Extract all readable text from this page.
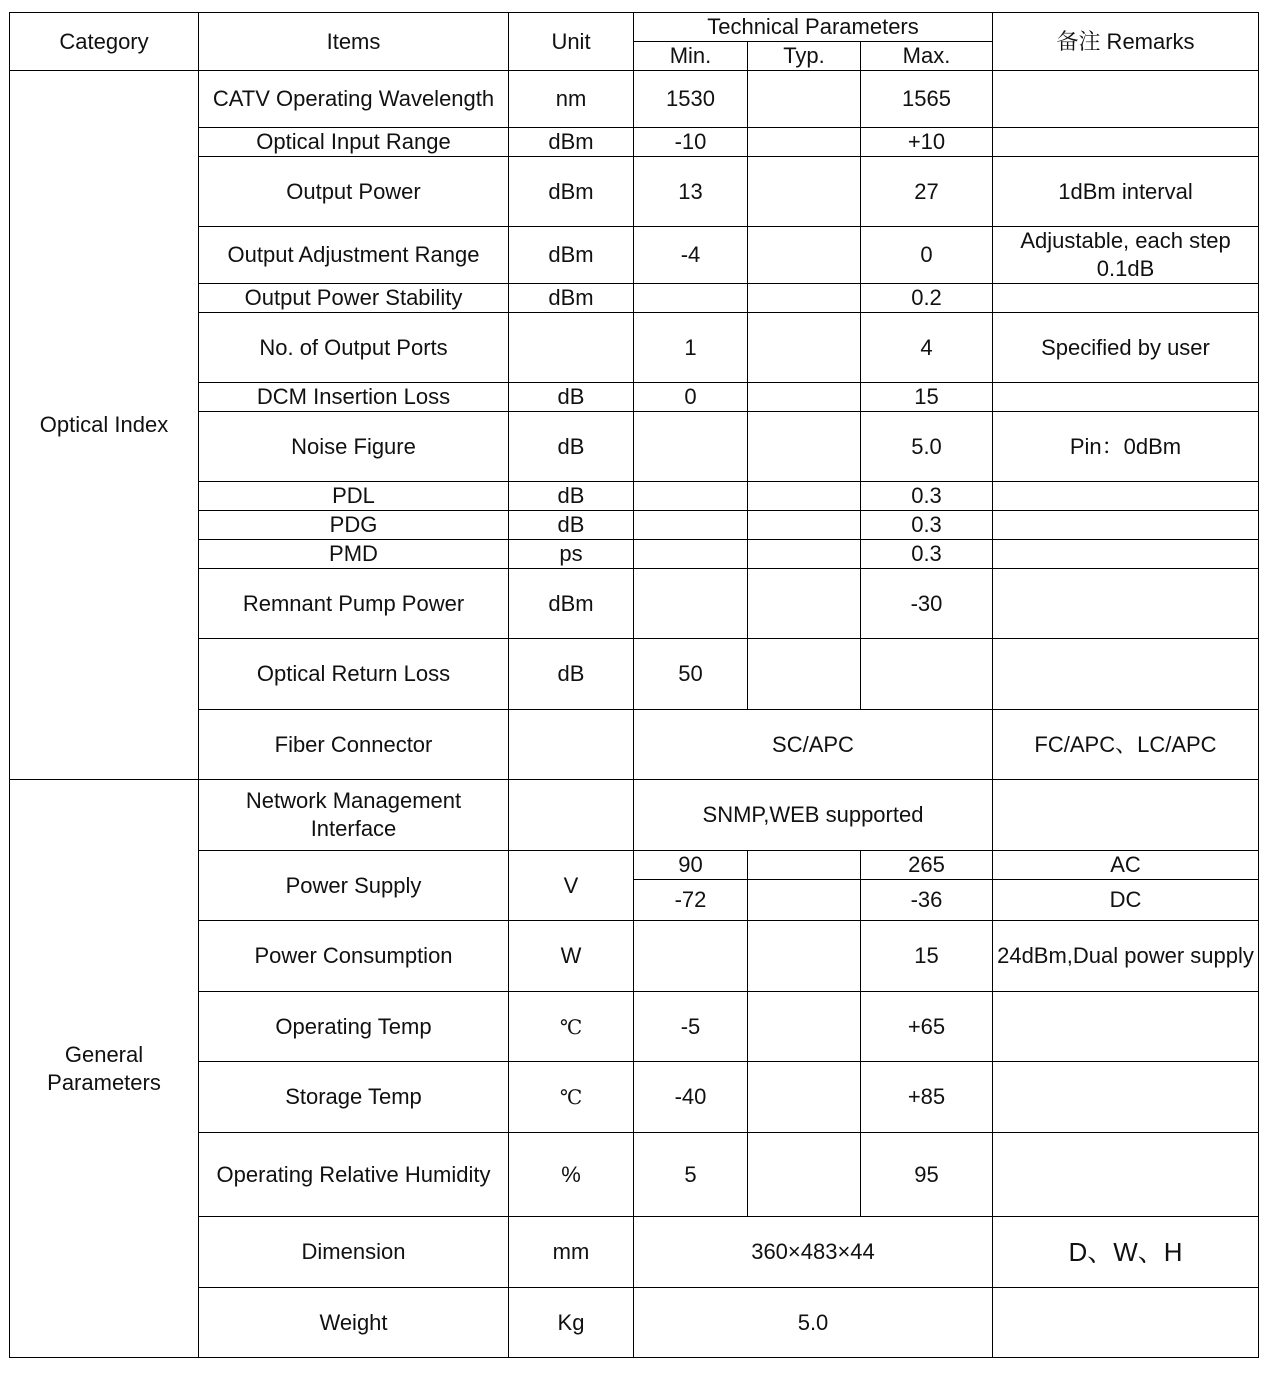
Category	Items	Unit	Technical Parameters			备注 Remarks
			Min.	Typ.	Max.	
Optical Index	CATV Operating Wavelength	nm	1530		1565	
	Optical Input Range	dBm	-10		+10	
	Output Power	dBm	13		27	1dBm interval
	Output Adjustment Range	dBm	-4		0	Adjustable, each step 0.1dB
	Output Power Stability	dBm			0.2	
	No. of Output Ports		1		4	Specified by user
	DCM Insertion Loss	dB	0		15	
	Noise Figure	dB			5.0	Pin：0dBm
	PDL	dB			0.3	
	PDG	dB			0.3	
	PMD	ps			0.3	
	Remnant Pump Power	dBm			-30	
	Optical Return Loss	dB	50			
	Fiber Connector		SC/APC			FC/APC、LC/APC
General Parameters	Network Management Interface		SNMP,WEB supported			
	Power Supply	V	90		265	AC
			-72		-36	DC
	Power Consumption	W			15	24dBm,Dual power supply
	Operating Temp	℃	-5		+65	
	Storage Temp	℃	-40		+85	
	Operating Relative Humidity	%	5		95	
	Dimension	mm	360×483×44			D、W、H
	Weight	Kg	5.0			
